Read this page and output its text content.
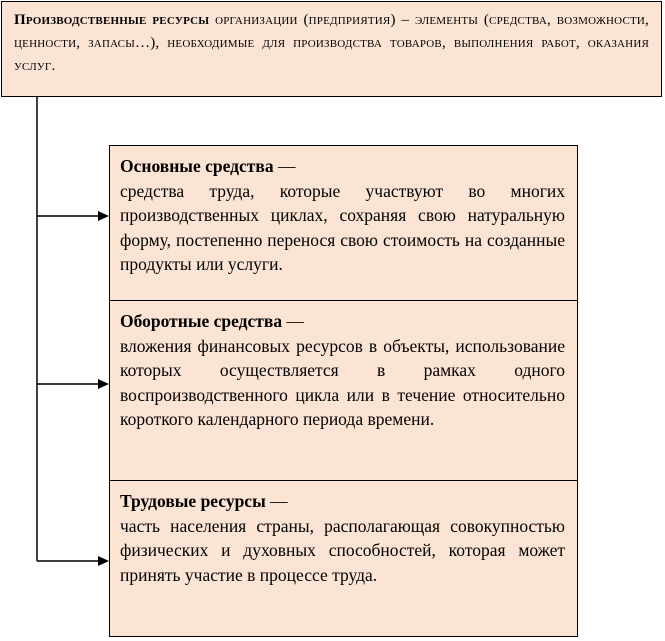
Производственные ресурсы организации (предприятия) – элементы (средства, возможности, ценности, запасы…), необходимые для производства товаров, выполнения работ, оказания услуг.
Основные средства —
средства труда, которые участвуют во многих производственных циклах, сохраняя свою натуральную форму, постепенно перенося свою стоимость на созданные продукты или услуги.
Оборотные средства —
вложения финансовых ресурсов в объекты, использование которых осуществляется в рамках одного воспроизводственного цикла или в течение относительно короткого календарного периода времени.
Трудовые ресурсы —
часть населения страны, располагающая совокупностью физических и духовных способностей, которая может принять участие в процессе труда.
